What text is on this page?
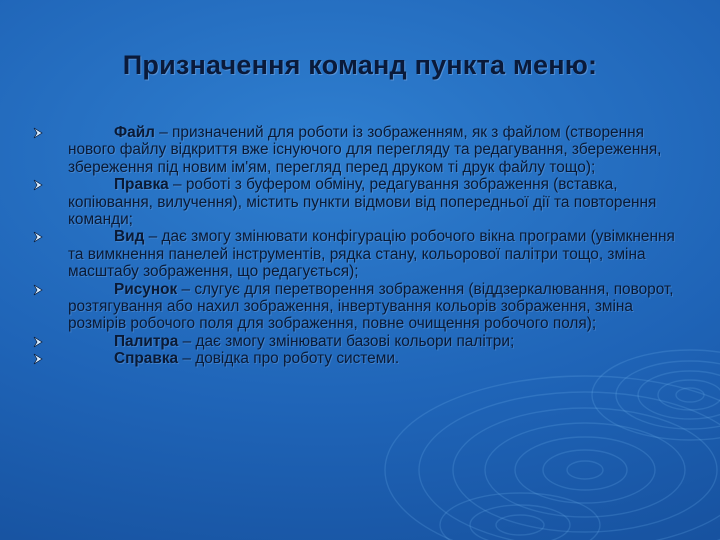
Призначення команд пункта меню:
Файл – призначений для роботи із зображенням, як з файлом (створення нового файлу відкриття вже існуючого для перегляду та редагування, збереження, збереження під новим ім'ям, перегляд перед друком ті друк файлу тощо);
Правка – роботі з буфером обміну, редагування зображення (вставка, копіювання, вилучення), містить пункти відмови від попередньої дії та повторення команди;
Вид – дає змогу змінювати конфігурацію робочого вікна програми (увімкнення та вимкнення панелей інструментів, рядка стану, кольорової палітри тощо, зміна масштабу зображення, що редагується);
Рисунок – слугує для перетворення зображення (віддзеркалювання, поворот, розтягування або нахил зображення, інвертування кольорів зображення, зміна розмірів робочого поля для зображення, повне очищення робочого поля);
Палитра – дає змогу змінювати базові кольори палітри;
Справка – довідка про роботу системи.
